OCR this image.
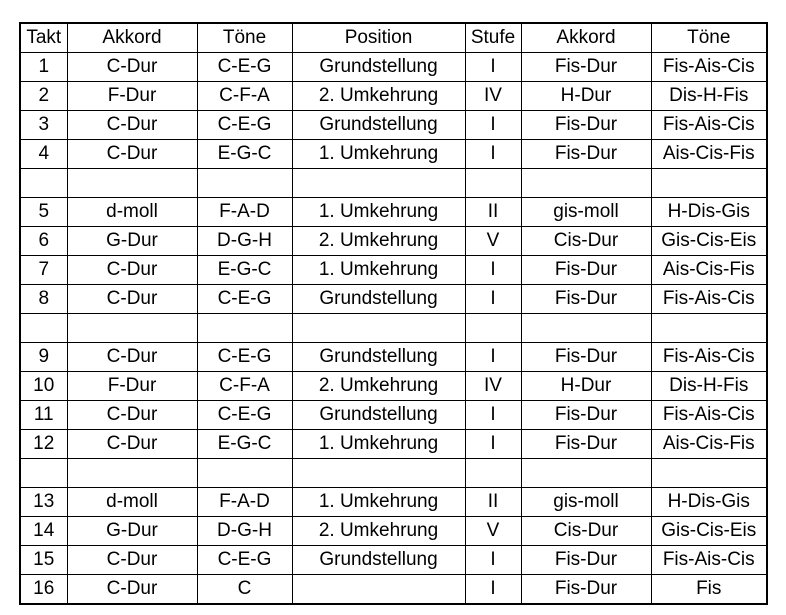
Takt	Akkord	Töne	Position	Stufe	Akkord	Töne
1	C-Dur	C-E-G	Grundstellung	I	Fis-Dur	Fis-Ais-Cis
2	F-Dur	C-F-A	2. Umkehrung	IV	H-Dur	Dis-H-Fis
3	C-Dur	C-E-G	Grundstellung	I	Fis-Dur	Fis-Ais-Cis
4	C-Dur	E-G-C	1. Umkehrung	I	Fis-Dur	Ais-Cis-Fis

5	d-moll	F-A-D	1. Umkehrung	II	gis-moll	H-Dis-Gis
6	G-Dur	D-G-H	2. Umkehrung	V	Cis-Dur	Gis-Cis-Eis
7	C-Dur	E-G-C	1. Umkehrung	I	Fis-Dur	Ais-Cis-Fis
8	C-Dur	C-E-G	Grundstellung	I	Fis-Dur	Fis-Ais-Cis

9	C-Dur	C-E-G	Grundstellung	I	Fis-Dur	Fis-Ais-Cis
10	F-Dur	C-F-A	2. Umkehrung	IV	H-Dur	Dis-H-Fis
11	C-Dur	C-E-G	Grundstellung	I	Fis-Dur	Fis-Ais-Cis
12	C-Dur	E-G-C	1. Umkehrung	I	Fis-Dur	Ais-Cis-Fis

13	d-moll	F-A-D	1. Umkehrung	II	gis-moll	H-Dis-Gis
14	G-Dur	D-G-H	2. Umkehrung	V	Cis-Dur	Gis-Cis-Eis
15	C-Dur	C-E-G	Grundstellung	I	Fis-Dur	Fis-Ais-Cis
16	C-Dur	C		I	Fis-Dur	Fis
